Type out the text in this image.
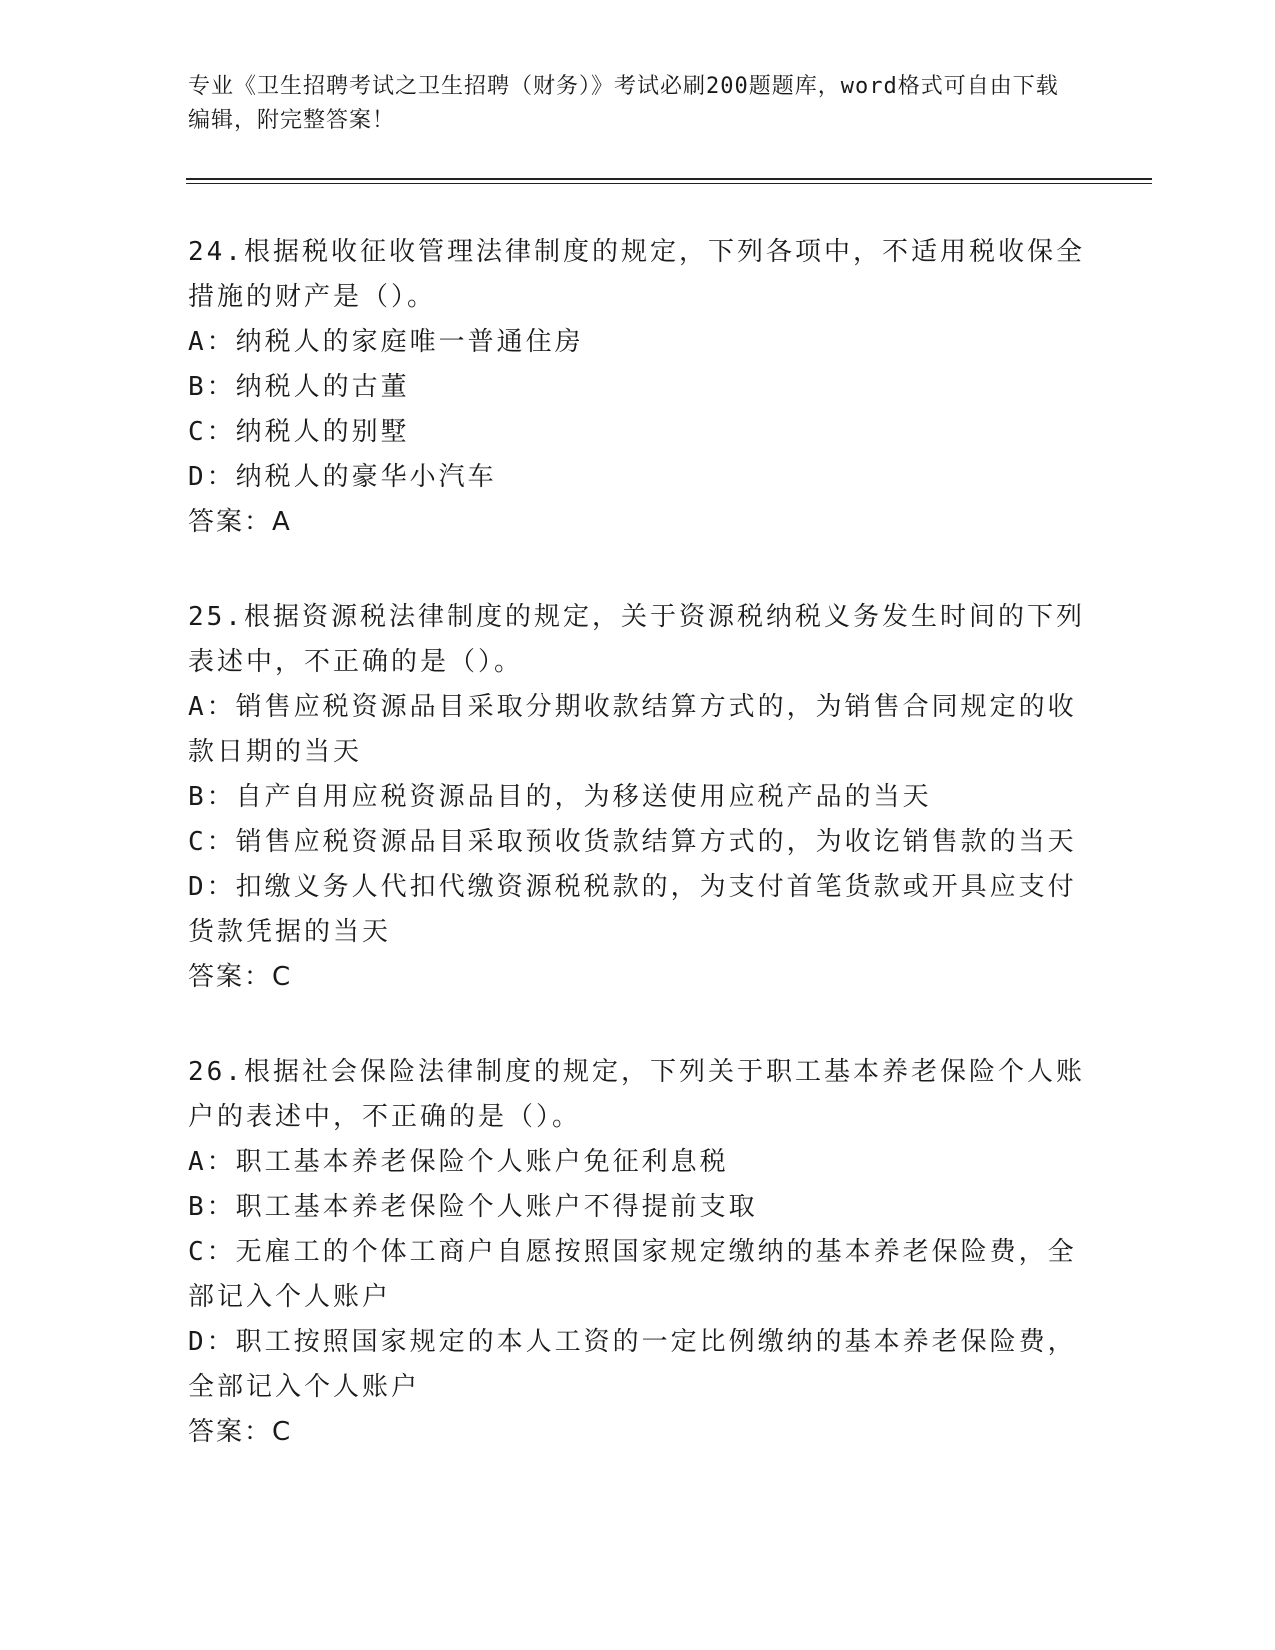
专业《卫生招聘考试之卫生招聘（财务）》考试必刷200题题库，word格式可自由下载编辑，附完整答案！
24.根据税收征收管理法律制度的规定，下列各项中，不适用税收保全措施的财产是（）。
A：纳税人的家庭唯一普通住房
B：纳税人的古董
C：纳税人的别墅
D：纳税人的豪华小汽车
答案：A
25.根据资源税法律制度的规定，关于资源税纳税义务发生时间的下列表述中，不正确的是（）。
A：销售应税资源品目采取分期收款结算方式的，为销售合同规定的收款日期的当天
B：自产自用应税资源品目的，为移送使用应税产品的当天
C：销售应税资源品目采取预收货款结算方式的，为收讫销售款的当天
D：扣缴义务人代扣代缴资源税税款的，为支付首笔货款或开具应支付货款凭据的当天
答案：C
26.根据社会保险法律制度的规定，下列关于职工基本养老保险个人账户的表述中，不正确的是（）。
A：职工基本养老保险个人账户免征利息税
B：职工基本养老保险个人账户不得提前支取
C：无雇工的个体工商户自愿按照国家规定缴纳的基本养老保险费，全部记入个人账户
D：职工按照国家规定的本人工资的一定比例缴纳的基本养老保险费，全部记入个人账户
答案：C
